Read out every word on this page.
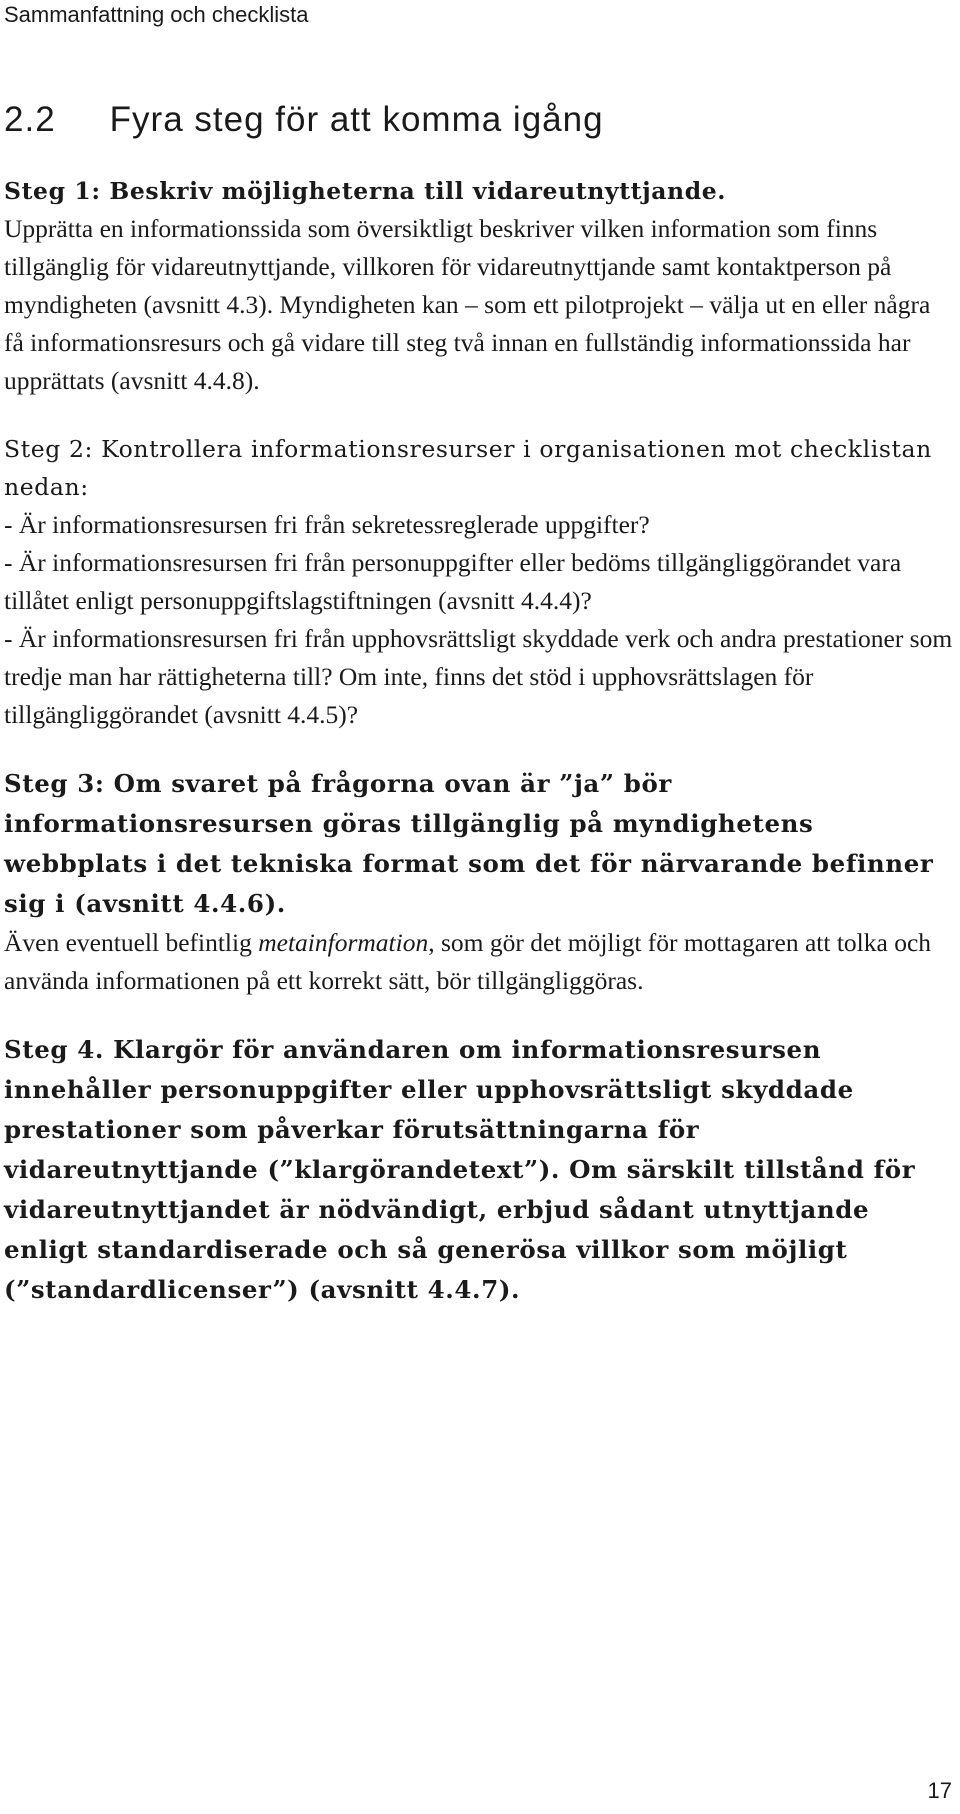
Sammanfattning och checklista
2.2 Fyra steg för att komma igång
Steg 1: Beskriv möjligheterna till vidareutnyttjande.

Upprätta en informationssida som översiktligt beskriver vilken information som finns tillgänglig för vidareutnyttjande, villkoren för vidareutnyttjande samt kontaktperson på myndigheten (avsnitt 4.3). Myndigheten kan – som ett pilotprojekt – välja ut en eller några få informationsresurs och gå vidare till steg två innan en fullständig informationssida har upprättats (avsnitt 4.4.8).

Steg 2: Kontrollera informationsresurser i organisationen mot checklistan nedan:

- Är informationsresursen fri från sekretessreglerade uppgifter?

- Är informationsresursen fri från personuppgifter eller bedöms tillgängliggörandet vara tillåtet enligt personuppgiftslagstiftningen (avsnitt 4.4.4)?

- Är informationsresursen fri från upphovsrättsligt skyddade verk och andra prestationer som tredje man har rättigheterna till? Om inte, finns det stöd i upphovsrättslagen för tillgängliggörandet (avsnitt 4.4.5)?

Steg 3: Om svaret på frågorna ovan är ”ja” bör informationsresursen göras tillgänglig på myndighetens webbplats i det tekniska format som det för närvarande befinner sig i (avsnitt 4.4.6).

Även eventuell befintlig metainformation, som gör det möjligt för mottagaren att tolka och använda informationen på ett korrekt sätt, bör tillgängliggöras.

Steg 4. Klargör för användaren om informationsresursen innehåller personuppgifter eller upphovsrättsligt skyddade prestationer som påverkar förutsättningarna för vidareutnyttjande (”klargörandetext”). Om särskilt tillstånd för vidareutnyttjandet är nödvändigt, erbjud sådant utnyttjande enligt standardiserade och så generösa villkor som möjligt (”standardlicenser”) (avsnitt 4.4.7).
17
